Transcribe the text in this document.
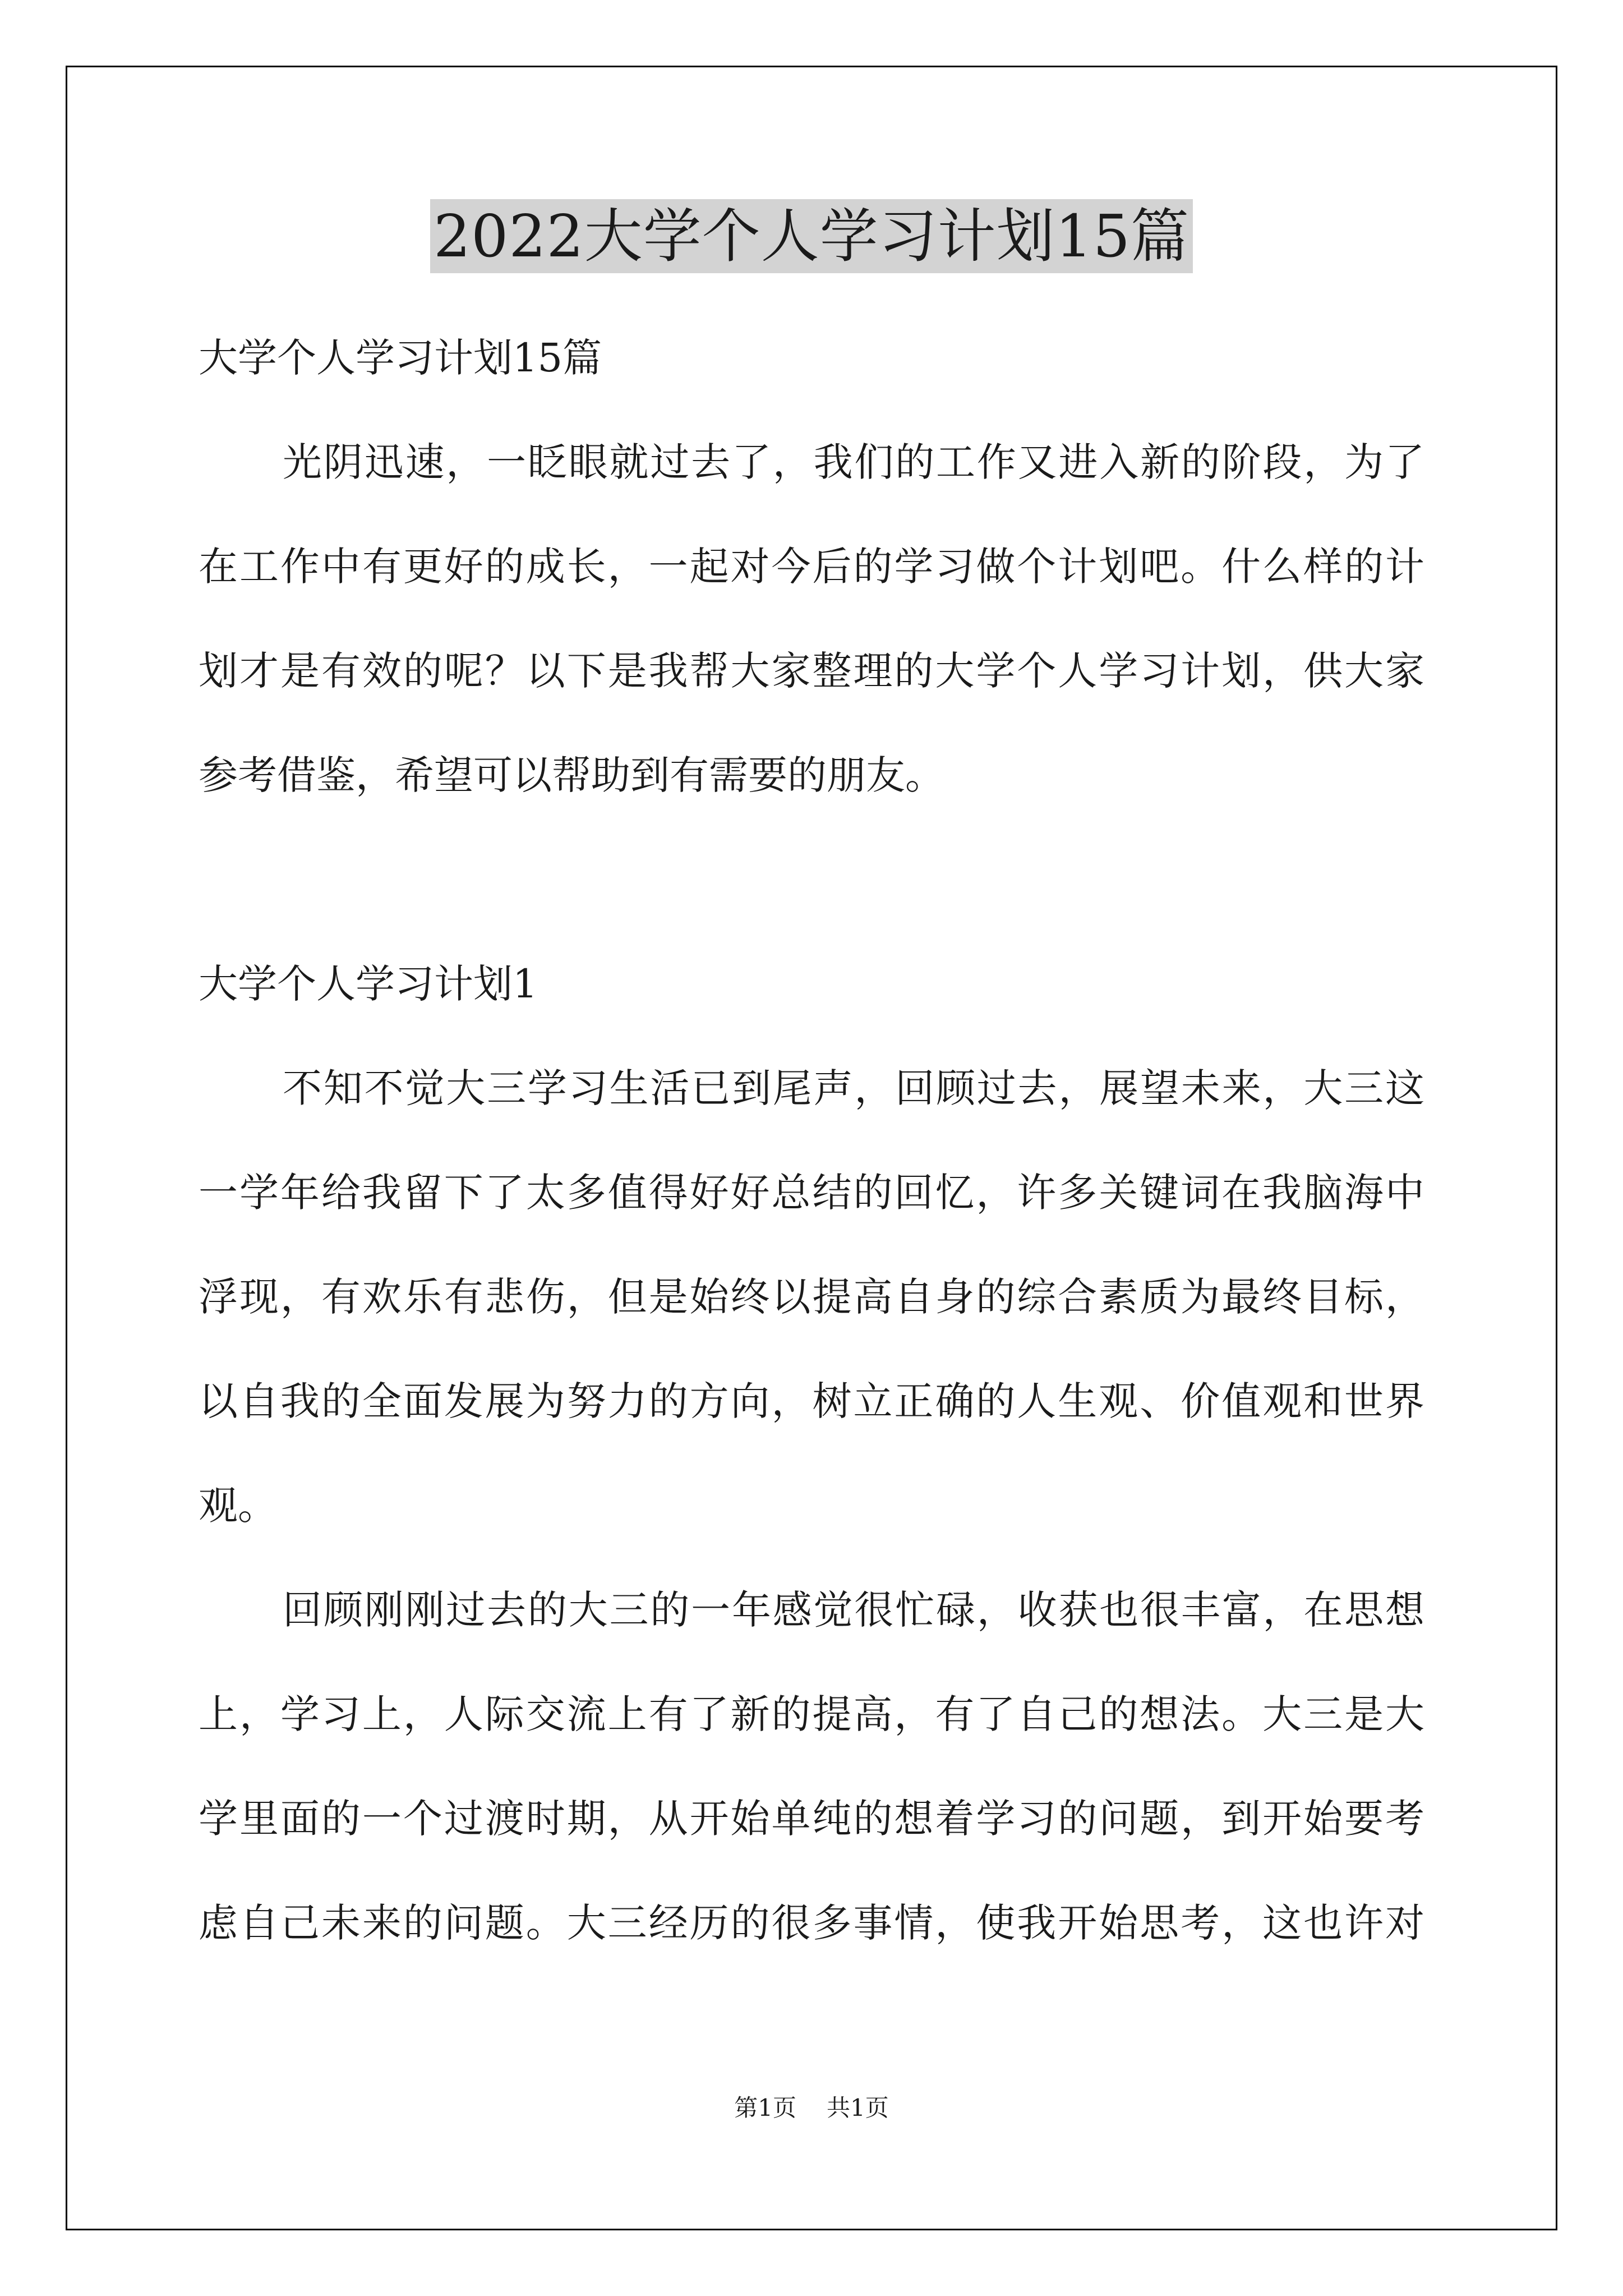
2022大学个人学习计划15篇
大学个人学习计划15篇
光阴迅速，一眨眼就过去了，我们的工作又进入新的阶段，为了
在工作中有更好的成长，一起对今后的学习做个计划吧。什么样的计
划才是有效的呢？以下是我帮大家整理的大学个人学习计划，供大家
参考借鉴，希望可以帮助到有需要的朋友。
大学个人学习计划1
不知不觉大三学习生活已到尾声，回顾过去，展望未来，大三这
一学年给我留下了太多值得好好总结的回忆，许多关键词在我脑海中
浮现，有欢乐有悲伤，但是始终以提高自身的综合素质为最终目标，
以自我的全面发展为努力的方向，树立正确的人生观、价值观和世界
观。
回顾刚刚过去的大三的一年感觉很忙碌，收获也很丰富，在思想
上，学习上，人际交流上有了新的提高，有了自己的想法。大三是大
学里面的一个过渡时期，从开始单纯的想着学习的问题，到开始要考
虑自己未来的问题。大三经历的很多事情，使我开始思考，这也许对
第1页 共1页
